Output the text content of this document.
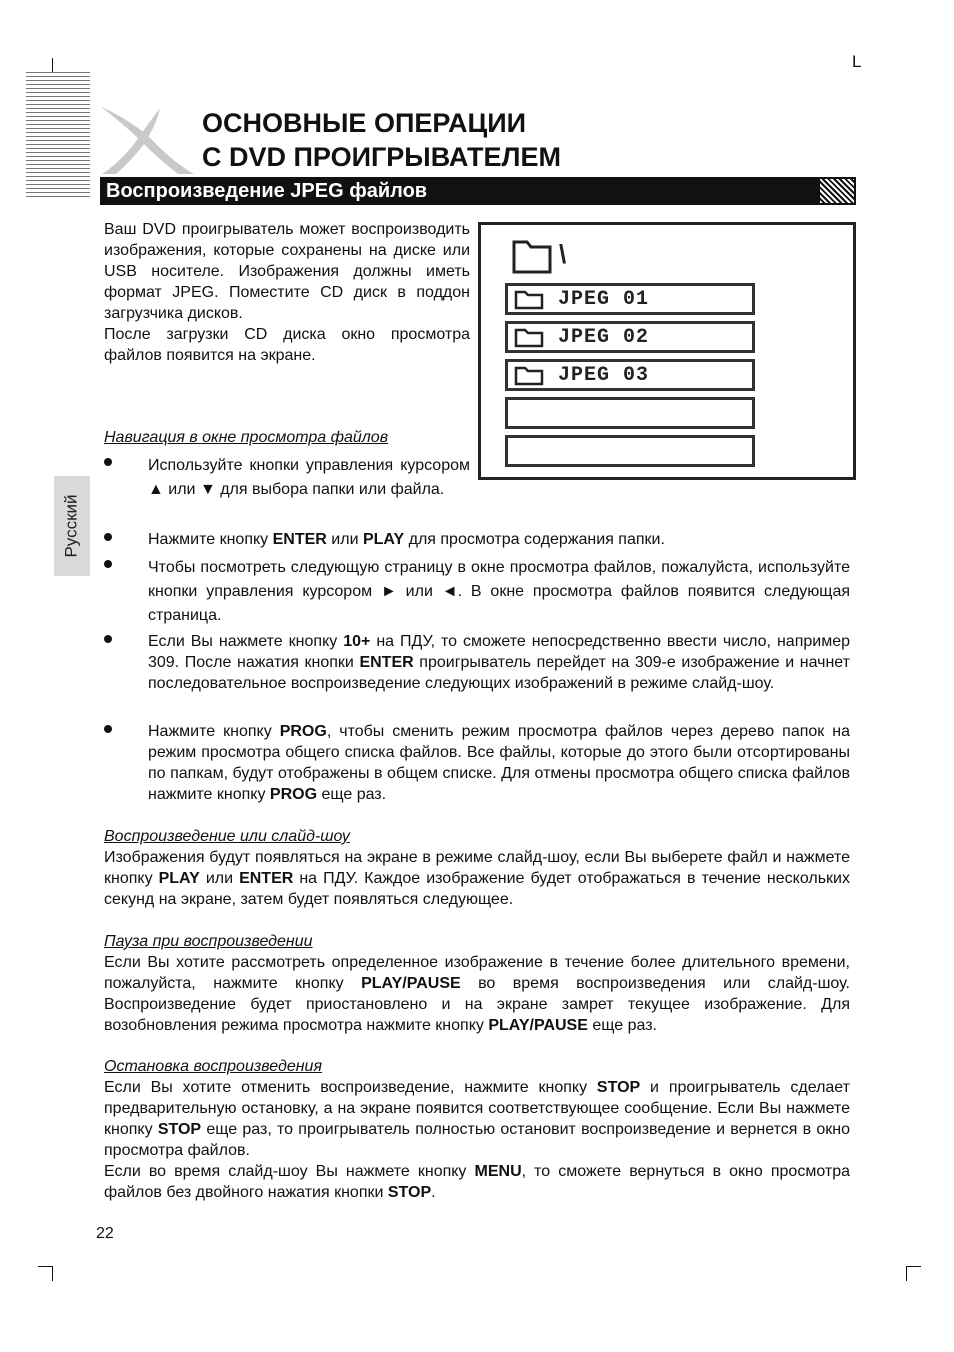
L
ОСНОВНЫЕ ОПЕРАЦИИ
С DVD ПРОИГРЫВАТЕЛЕМ
Воспроизведение JPEG файлов
Русский
Ваш DVD проигрыватель может воспроизводить изображения, которые сохранены на диске или USB носителе. Изображения должны иметь формат JPEG. Поместите CD диск в поддон загрузчика дисков.
После загрузки CD диска окно просмотра файлов появится на экране.
\
JPEG 01
JPEG 02
JPEG 03
Навигация в окне просмотра файлов
Используйте кнопки управления курсором ▲ или ▼ для выбора папки или файла.
Нажмите кнопку ENTER или PLAY для просмотра содержания папки.
Чтобы посмотреть следующую страницу в окне просмотра файлов, пожалуйста, используйте кнопки управления курсором ► или ◄. В окне просмотра файлов появится следующая страница.
Если Вы нажмете кнопку 10+ на ПДУ, то сможете непосредственно ввести число, например 309. После нажатия кнопки ENTER проигрыватель перейдет на 309-е изображение и начнет последовательное воспроизведение следующих изображений в режиме слайд-шоу.
Нажмите кнопку PROG, чтобы сменить режим просмотра файлов через дерево папок на режим просмотра общего списка файлов. Все файлы, которые до этого были отсортированы по папкам, будут отображены в общем списке. Для отмены просмотра общего списка файлов нажмите кнопку PROG еще раз.
Воспроизведение или слайд-шоу
Изображения будут появляться на экране в режиме слайд-шоу, если Вы выберете файл и нажмете кнопку PLAY или ENTER на ПДУ. Каждое изображение будет отображаться в течение нескольких секунд на экране, затем будет появляться следующее.
Пауза при воспроизведении
Если Вы хотите рассмотреть определенное изображение в течение более длительного времени, пожалуйста, нажмите кнопку PLAY/PAUSE во время воспроизведения или слайд-шоу. Воспроизведение будет приостановлено и на экране замрет текущее изображение. Для возобновления режима просмотра нажмите кнопку PLAY/PAUSE еще раз.
Остановка воспроизведения
Если Вы хотите отменить воспроизведение, нажмите кнопку STOP и проигрыватель сделает предварительную остановку, а на экране появится соответствующее сообщение. Если Вы нажмете кнопку STOP еще раз, то проигрыватель полностью остановит воспроизведение и вернется в окно просмотра файлов.
Если во время слайд-шоу Вы нажмете кнопку MENU, то сможете вернуться в окно просмотра файлов без двойного нажатия кнопки STOP.
22
